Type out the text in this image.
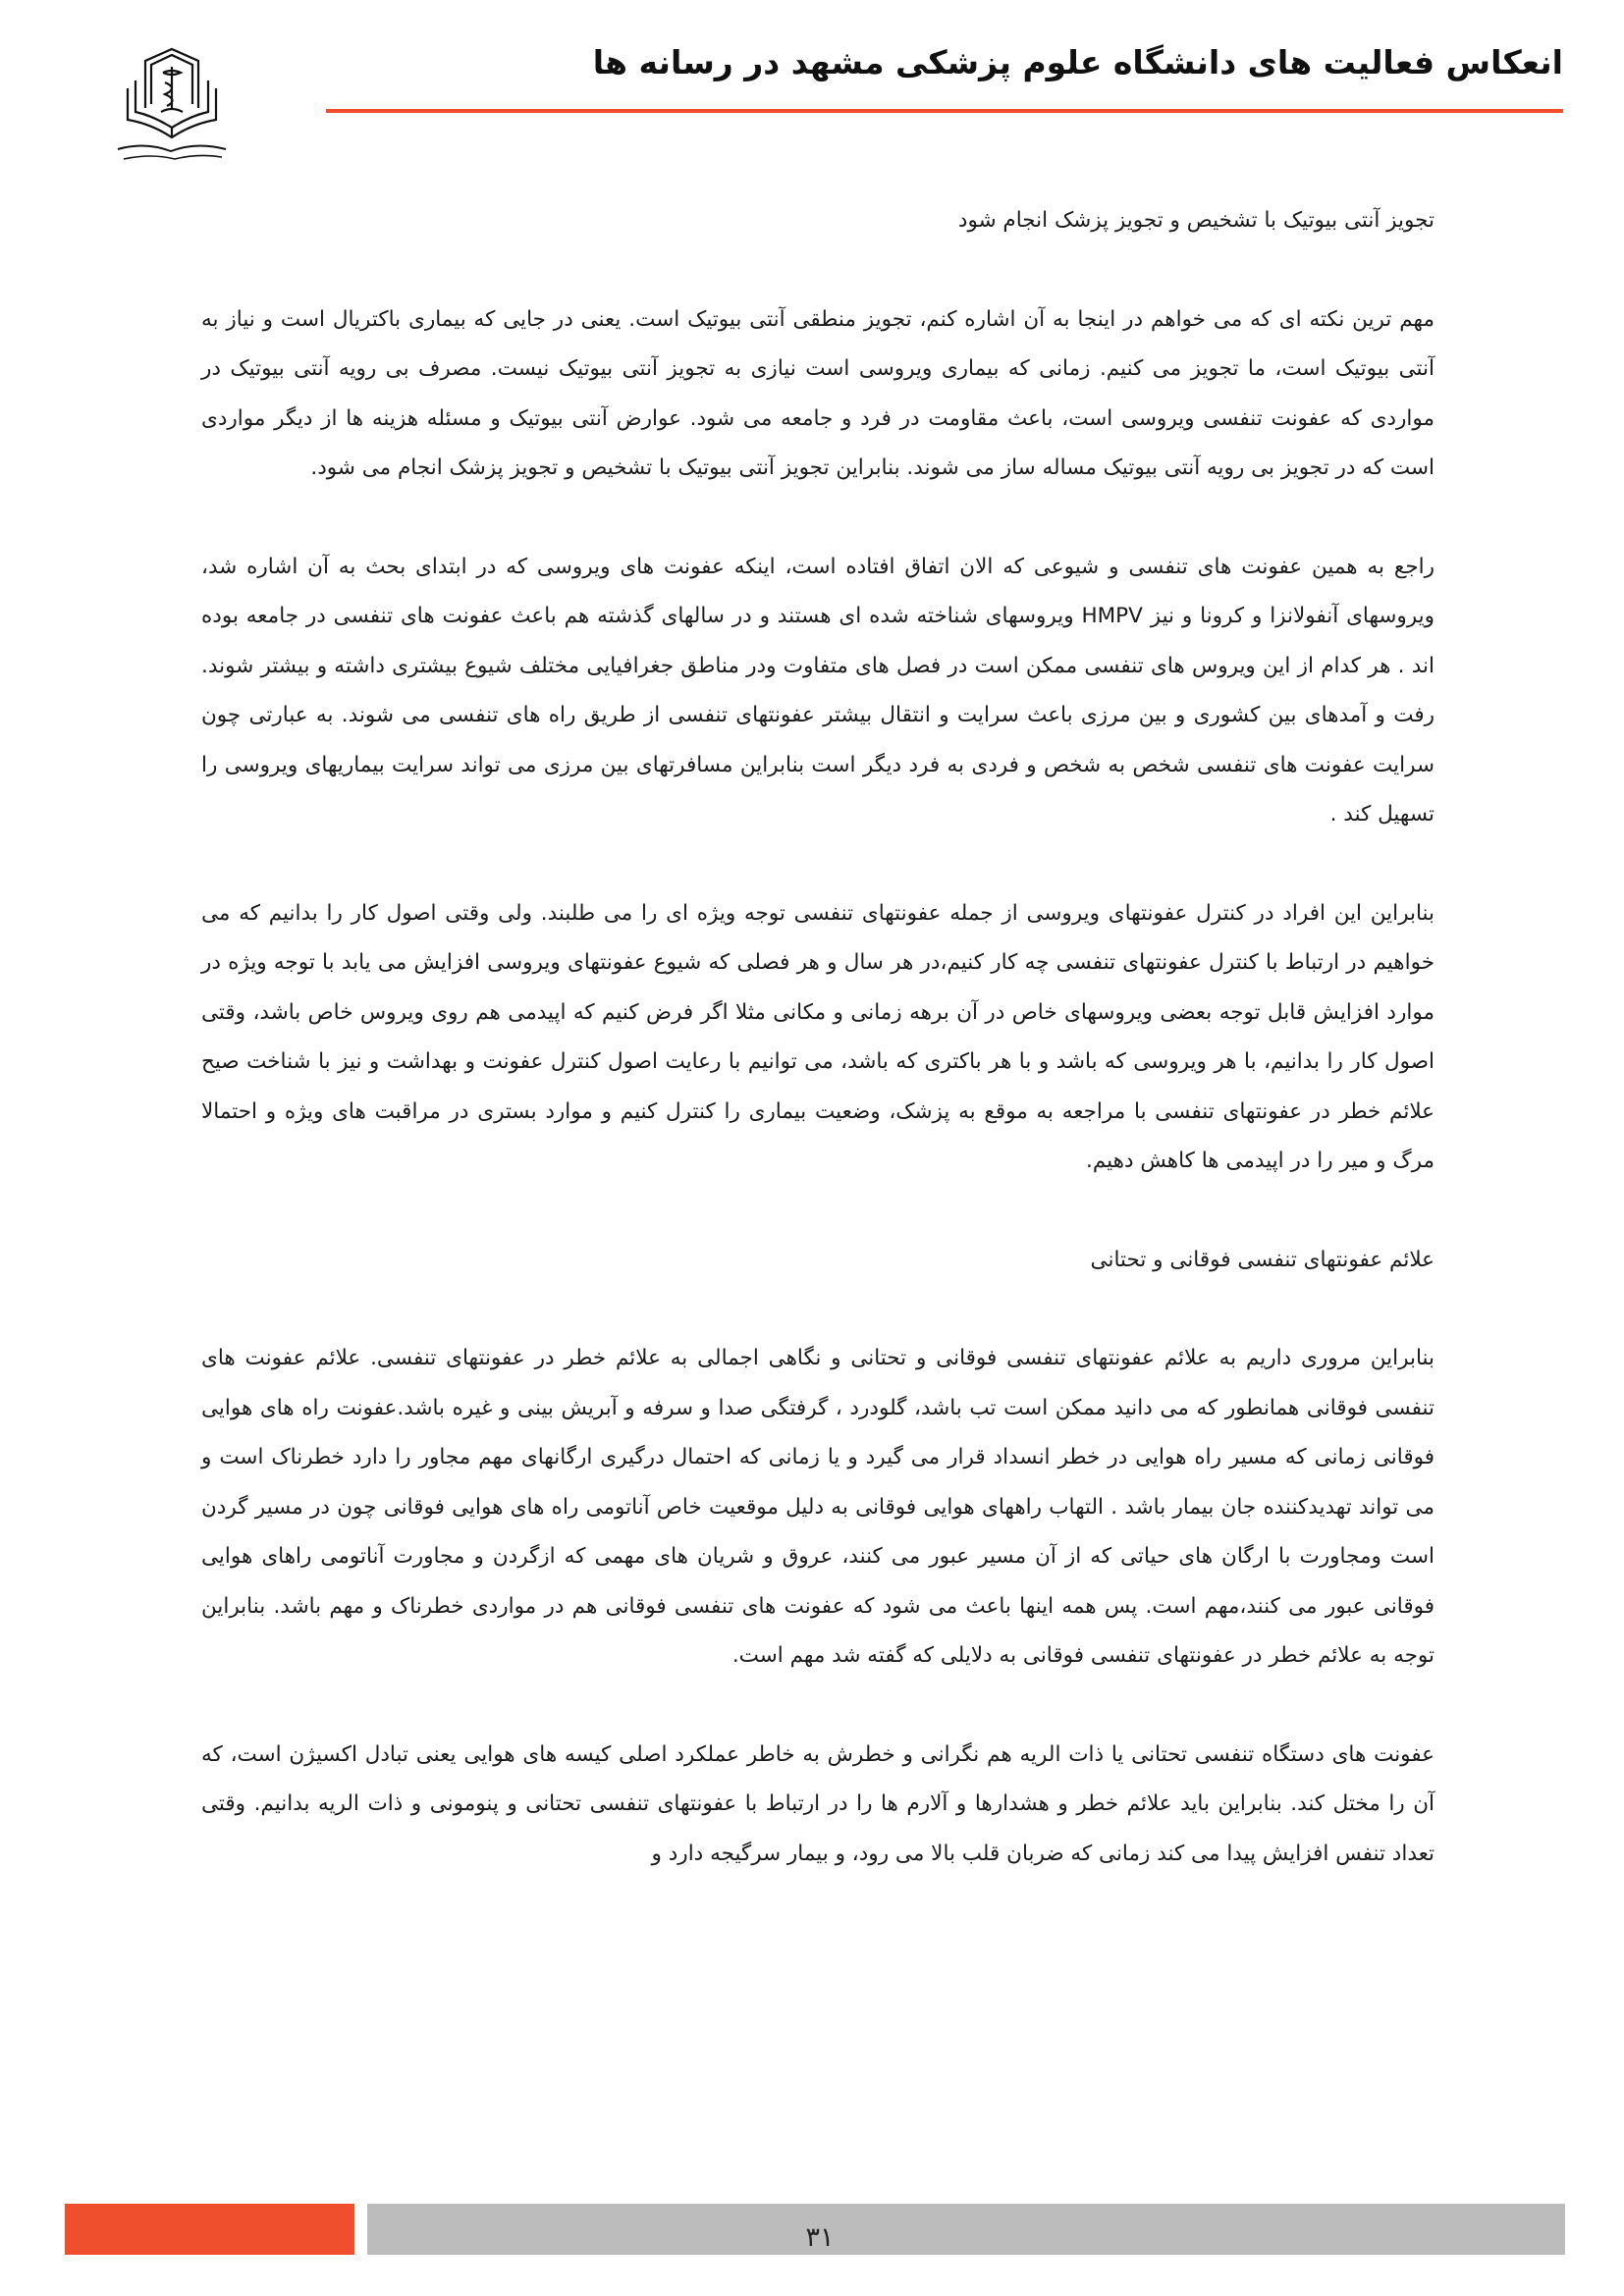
انعکاس فعالیت های دانشگاه علوم پزشکی مشهد در رسانه ها

تجویز آنتی بیوتیک با تشخیص و تجویز پزشک انجام شود

مهم ترین نکته ای که می خواهم در اینجا به آن اشاره کنم، تجویز منطقی آنتی بیوتیک است. یعنی در جایی که بیماری باکتریال است و نیاز به آنتی بیوتیک است، ما تجویز می کنیم. زمانی که بیماری ویروسی است نیازی به تجویز آنتی بیوتیک نیست. مصرف بی رویه آنتی بیوتیک در مواردی که عفونت تنفسی ویروسی است، باعث مقاومت در فرد و جامعه می شود. عوارض آنتی بیوتیک و مسئله هزینه ها از دیگر مواردی است که در تجویز بی رویه آنتی بیوتیک مساله ساز می شوند. بنابراین تجویز آنتی بیوتیک با تشخیص و تجویز پزشک انجام می شود.

راجع به همین عفونت های تنفسی و شیوعی که الان اتفاق افتاده است، اینکه عفونت های ویروسی که در ابتدای بحث به آن اشاره شد، ویروسهای آنفولانزا و کرونا و نیز HMPV ویروسهای شناخته شده ای هستند و در سالهای گذشته هم باعث عفونت های تنفسی در جامعه بوده اند . هر کدام از این ویروس های تنفسی ممکن است در فصل های متفاوت ودر مناطق جغرافیایی مختلف شیوع بیشتری داشته و بیشتر شوند. رفت و آمدهای بین کشوری و بین مرزی باعث سرایت و انتقال بیشتر عفونتهای تنفسی از طریق راه های تنفسی می شوند. به عبارتی چون سرایت عفونت های تنفسی شخص به شخص و فردی به فرد دیگر است بنابراین مسافرتهای بین مرزی می تواند سرایت بیماریهای ویروسی را تسهیل کند .

بنابراین این افراد در کنترل عفونتهای ویروسی از جمله عفونتهای تنفسی توجه ویژه ای را می طلبند. ولی وقتی اصول کار را بدانیم که می خواهیم در ارتباط با کنترل عفونتهای تنفسی چه کار کنیم،در هر سال و هر فصلی که شیوع عفونتهای ویروسی افزایش می یابد با توجه ویژه در موارد افزایش قابل توجه بعضی ویروسهای خاص در آن برهه زمانی و مکانی مثلا اگر فرض کنیم که اپیدمی هم روی ویروس خاص باشد، وقتی اصول کار را بدانیم، با هر ویروسی که باشد و با هر باکتری که باشد، می توانیم با رعایت اصول کنترل عفونت و بهداشت و نیز با شناخت صیح علائم خطر در عفونتهای تنفسی با مراجعه به موقع به پزشک، وضعیت بیماری را کنترل کنیم و موارد بستری در مراقبت های ویژه و احتمالا مرگ و میر را در اپیدمی ها کاهش دهیم.

علائم عفونتهای تنفسی فوقانی و تحتانی

بنابراین مروری داریم به علائم عفونتهای تنفسی فوقانی و تحتانی و نگاهی اجمالی به علائم خطر در عفونتهای تنفسی. علائم عفونت های تنفسی فوقانی همانطور که می دانید ممکن است تب باشد، گلودرد ، گرفتگی صدا و سرفه و آبریش بینی و غیره باشد.عفونت راه های هوایی فوقانی زمانی که مسیر راه هوایی در خطر انسداد قرار می گیرد و یا زمانی که احتمال درگیری ارگانهای مهم مجاور را دارد خطرناک است و می تواند تهدیدکننده جان بیمار باشد . التهاب راههای هوایی فوقانی به دلیل موقعیت خاص آناتومی راه های هوایی فوقانی چون در مسیر گردن است ومجاورت با ارگان های حیاتی که از آن مسیر عبور می کنند، عروق و شریان های مهمی که ازگردن و مجاورت آناتومی راهای هوایی فوقانی عبور می کنند،مهم است. پس همه اینها باعث می شود که عفونت های تنفسی فوقانی هم در مواردی خطرناک و مهم باشد. بنابراین توجه به علائم خطر در عفونتهای تنفسی فوقانی به دلایلی که گفته شد مهم است.

عفونت های دستگاه تنفسی تحتانی یا ذات الریه هم نگرانی و خطرش به خاطر عملکرد اصلی کیسه های هوایی یعنی تبادل اکسیژن است، که آن را مختل کند. بنابراین باید علائم خطر و هشدارها و آلارم ها را در ارتباط با عفونتهای تنفسی تحتانی و پنومونی و ذات الریه بدانیم. وقتی تعداد تنفس افزایش پیدا می کند زمانی که ضربان قلب بالا می رود، و بیمار سرگیجه دارد و

۳۱
